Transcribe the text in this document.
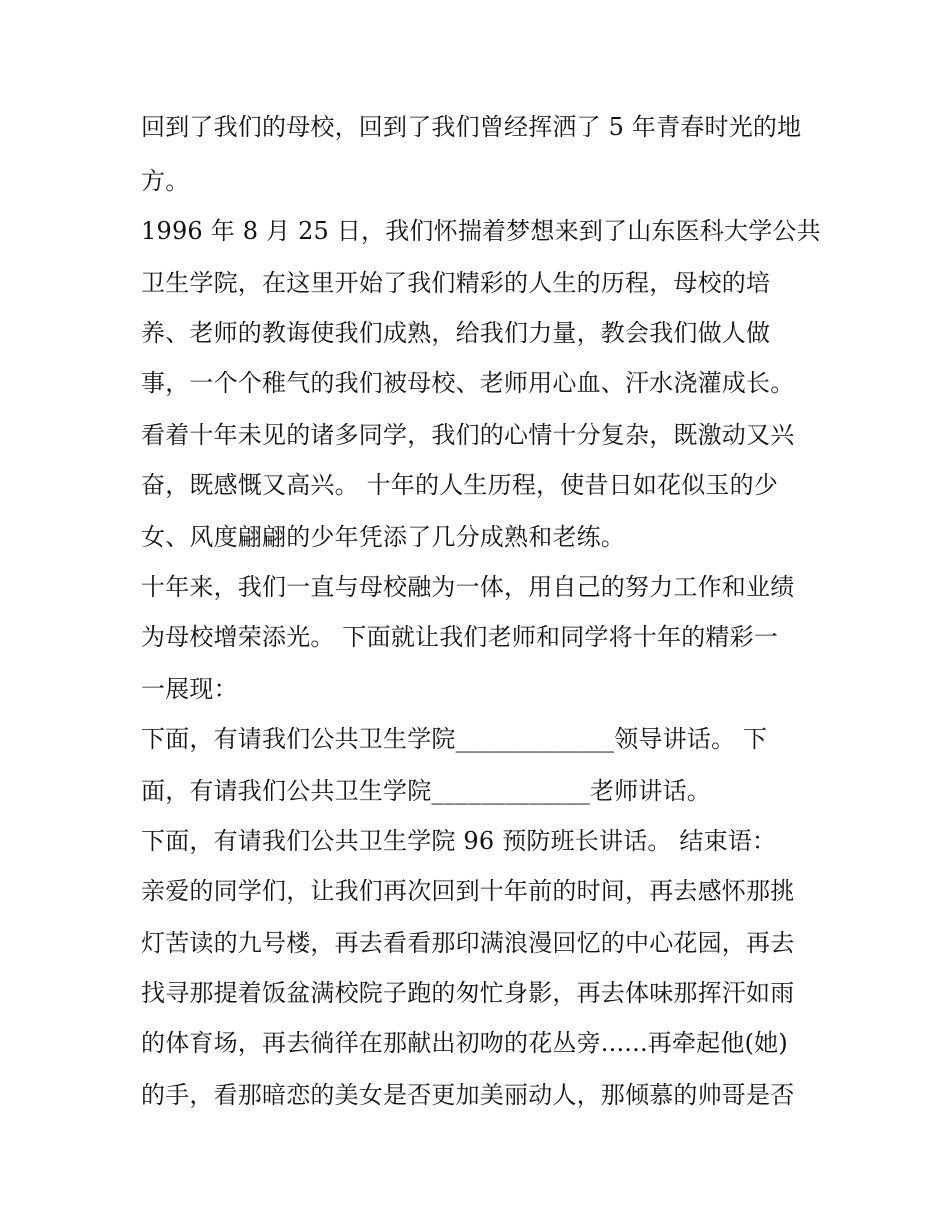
回到了我们的母校，回到了我们曾经挥洒了 5 年青春时光的地
方。
1996 年 8 月 25 日，我们怀揣着梦想来到了山东医科大学公共
卫生学院，在这里开始了我们精彩的人生的历程，母校的培
养、老师的教诲使我们成熟，给我们力量，教会我们做人做
事，一个个稚气的我们被母校、老师用心血、汗水浇灌成长。
看着十年未见的诸多同学，我们的心情十分复杂，既激动又兴
奋，既感慨又高兴。 十年的人生历程，使昔日如花似玉的少
女、风度翩翩的少年凭添了几分成熟和老练。
十年来，我们一直与母校融为一体，用自己的努力工作和业绩
为母校增荣添光。 下面就让我们老师和同学将十年的精彩一
一展现：
下面，有请我们公共卫生学院_____________领导讲话。 下
面，有请我们公共卫生学院_____________老师讲话。
下面，有请我们公共卫生学院 96 预防班长讲话。 结束语：
亲爱的同学们，让我们再次回到十年前的时间，再去感怀那挑
灯苦读的九号楼，再去看看那印满浪漫回忆的中心花园，再去
找寻那提着饭盆满校院子跑的匆忙身影，再去体味那挥汗如雨
的体育场，再去徜徉在那献出初吻的花丛旁......再牵起他(她)
的手，看那暗恋的美女是否更加美丽动人，那倾慕的帅哥是否
